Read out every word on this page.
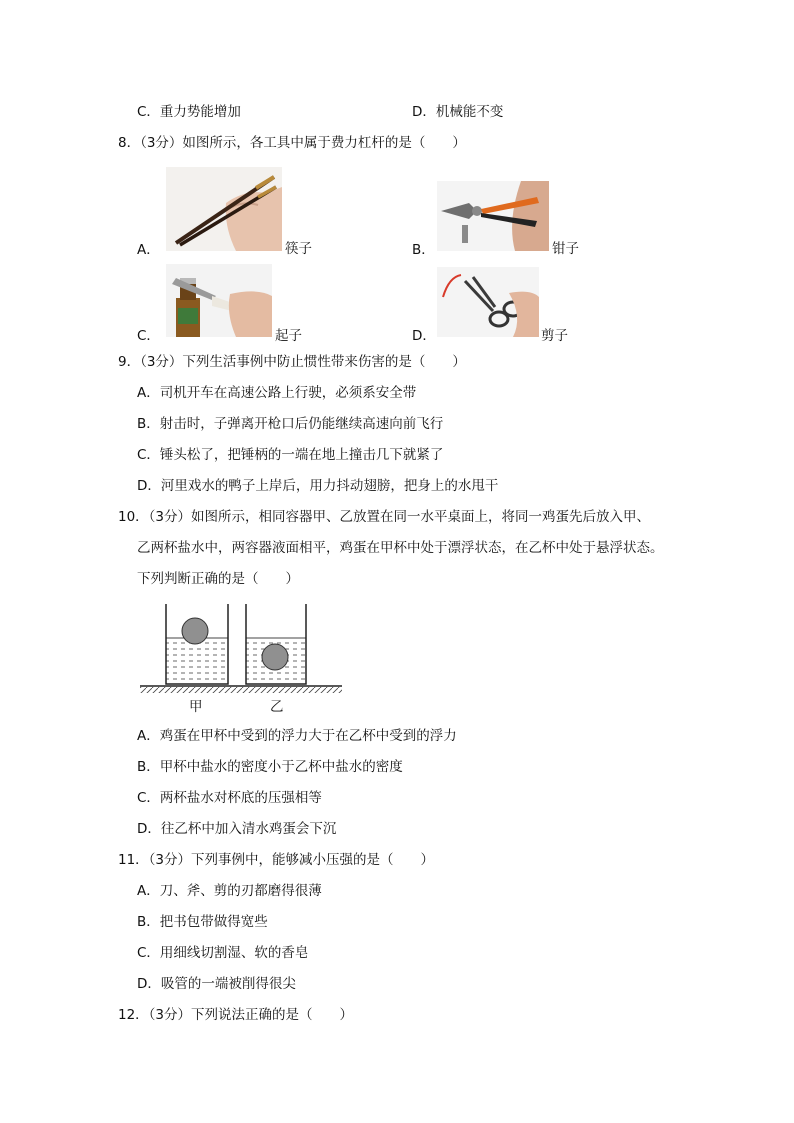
C．重力势能增加	D．机械能不变
8．（3分）如图所示，各工具中属于费力杠杆的是（　　）
A．	筷子	B．	钳子
C．	起子	D．	剪子
9．（3分）下列生活事例中防止惯性带来伤害的是（　　）
A．司机开车在高速公路上行驶，必须系安全带
B．射击时，子弹离开枪口后仍能继续高速向前飞行
C．锤头松了，把锤柄的一端在地上撞击几下就紧了
D．河里戏水的鸭子上岸后，用力抖动翅膀，把身上的水甩干
10．（3分）如图所示，相同容器甲、乙放置在同一水平桌面上，将同一鸡蛋先后放入甲、
乙两杯盐水中，两容器液面相平，鸡蛋在甲杯中处于漂浮状态，在乙杯中处于悬浮状态。
下列判断正确的是（　　）
甲	乙
A．鸡蛋在甲杯中受到的浮力大于在乙杯中受到的浮力
B．甲杯中盐水的密度小于乙杯中盐水的密度
C．两杯盐水对杯底的压强相等
D．往乙杯中加入清水鸡蛋会下沉
11．（3分）下列事例中，能够减小压强的是（　　）
A．刀、斧、剪的刃都磨得很薄
B．把书包带做得宽些
C．用细线切割湿、软的香皂
D．吸管的一端被削得很尖
12．（3分）下列说法正确的是（　　）
